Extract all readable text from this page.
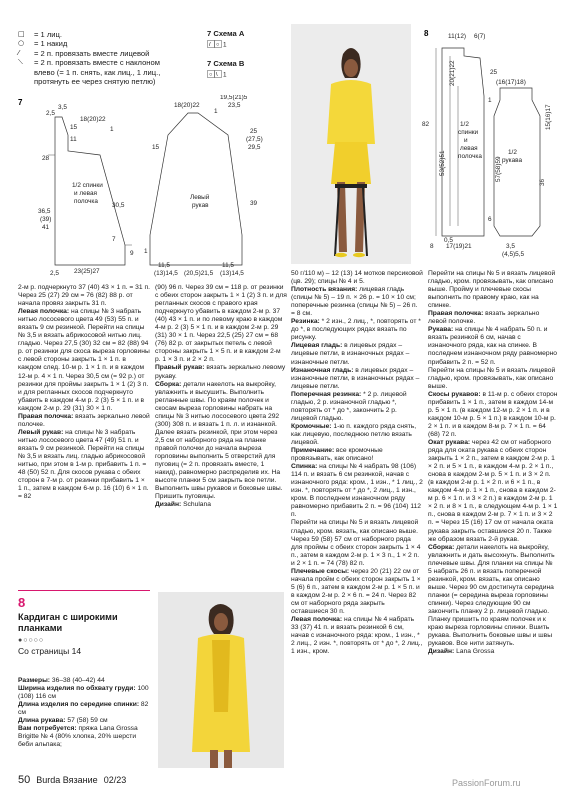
□	= 1 лиц.
○	= 1 накид
⁄	= 2 п. провязать вместе лицевой
⟍	= 2 п. провязать вместе с наклоном
влево (= 1 п. снять, как лиц., 1 лиц.,
протянуть ее через снятую петлю)
7 Схема А
/ ○ 1
7 Схема В
○ \ 1
7
1/2 спинки
и левая
полочка
3,5
2,5
18(20)22
15
11
1
28
36,5
(39)
41
30,5
7
9
2,5 23(25)27
Левый
рукав
18(20)22
15
19,5(21)5
23,5
1
25
(27,5)
29,5
39
1
11,5
(13)14,5 (20,5)21,5
11,5
(13)14,5
8
1/2
спинки
и
левая
полочка
1/2
рукава
11(12) 6(7)
(16(17)18)
82
53(52)51
20(21)22
0,5
57(58)59
25
15(16)17
1
36
6
8 17(19)21	3,5
(4,5)5,5

2-м р. подчеркнуто 37 (40) 43 × 1 п. = 31 п. Через 25 (27) 29 см = 76 (82) 88 р. от начала провяз закрыть 31 п.

Левая полочка: на спицы № 3 набрать нитью лососевого цвета 49 (53) 55 п. и вязать 9 см резинкой. Перейти на спицы № 3,5 и вязать абрикосовой нитью лиц. гладью. Через 27,5 (30) 32 см = 82 (88) 94 р. от резинки для скоса выреза горловины с левой стороны закрыть 1 × 1 п. в каждом след. 10-м р. 1 × 1 п. и в каждом 12-м р. 4 × 1 п. Через 30,5 см (= 92 р.) от резинки для проймы закрыть 1 × 1 (2) 3 п. и для регланных скосов подчеркнуто убавить в каждом 4-м р. 2 (3) 5 × 1 п. и в каждом 2-м р. 29 (31) 30 × 1 п.

Правая полочка: вязать зеркально левой полочке.

Левый рукав: на спицы № 3 набрать нитью лососевого цвета 47 (49) 51 п. и вязать 9 см резинкой. Перейти на спицы № 3,5 и вязать лиц. гладью абрикосовой нитью, при этом в 1-м р. прибавить 1 п. = 48 (50) 52 п. Для скосов рукава с обеих сторон в 7-м р. от резинки прибавить 1 × 1 п., затем в каждом 6-м р. 16 (10) 6 × 1 п. = 82

(90) 96 п. Через 39 см = 118 р. от резинки с обеих сторон закрыть 1 × 1 (2) 3 п. и для регланных скосов с правого края подчеркнуто убавить в каждом 2-м р. 37 (40) 43 × 1 п. и по левому краю в каждом 4-м р. 2 (3) 5 × 1 п. и в каждом 2-м р. 29 (31) 30 × 1 п. Через 22,5 (25) 27 см = 68 (76) 82 р. от закрытых петель с левой стороны закрыть 1 × 5 п. и в каждом 2-м р. 1 × 3 п. и 2 × 2 п.

Правый рукав: вязать зеркально левому рукаву.

Сборка: детали накелоть на выкройку, увлажнить и высушить. Выполнить регланные швы. По краям полочек и скосам выреза горловины набрать на спицы № 3 нитью лососевого цвета 292 (300) 308 п. и вязать 1 п. л. и изнанкой. Далее вязать резинкой, при этом через 2,5 см от наборного ряда на планке правой полочки до начала выреза горловины выполнить 5 отверстий для пуговиц (= 2 п. провязать вместе, 1 накид), равномерно распределив их. На высоте планки 5 см закрыть все петли. Выполнить швы рукавов и боковые швы. Пришить пуговицы.

Дизайн: Schulana

50 г/110 м) – 12 (13) 14 мотков персиковой (цв. 29); спицы № 4 и 5.

Плотность вязания: лицевая гладь (спицы № 5) – 19 п. × 26 р. = 10 × 10 см; поперечные резинка (спицы № 5) – 26 п. = 8 см.

Резинка: * 2 изн., 2 лиц., *, повторять от * до *, в последующих рядах вязать по рисунку.

Лицевая гладь: в лицевых рядах – лицевые петли, в изнаночных рядах – изнаночные петли.

Изнаночная гладь: в лицевых рядах – изнаночные петли, в изнаночных рядах – лицевые петли.

Поперечная резинка: * 2 р. лицевой гладью, 2 р. изнаночной гладью *, повторять от * до *, закончить 2 р. лицевой гладью.

Кромочные: 1-ю п. каждого ряда снять, как лицевую, последнюю петлю вязать лицевой.

Примечание: все кромочные провязывать, как описано!

Спинка: на спицы № 4 набрать 98 (106) 114 п. и вязать 6 см резинкой, начав с изнаночного ряда: кром., 1 изн., * 1 лиц., 2 изн. *, повторять от * до *, 2 лиц., 1 изн., кром. В последнем изнаночном ряду равномерно прибавить 2 п. = 96 (104) 112 п.

Перейти на спицы № 5 и вязать лицевой гладью, кром. вязать, как описано выше. Через 59 (58) 57 см от наборного ряда для проймы с обеих сторон закрыть 1 × 4 п., затем в каждом 2-м р. 1 × 3 п., 1 × 2 п. и 2 × 1 п. = 74 (78) 82 п.

Плечевые скосы: через 20 (21) 22 см от начала пройм с обеих сторон закрыть 1 × 5 (6) 6 п., затем в каждом 2-м р. 1 × 5 п. и в каждом 2-м р. 2 × 6 п. = 24 п. Через 82 см от наборного ряда закрыть оставшиеся 30 п.

Левая полочка: на спицы № 4 набрать 33 (37) 41 п. и вязать резинкой 6 см, начав с изнаночного ряда: кром., 1 изн., * 2 лиц., 2 изн. *, повторять от * до *, 2 лиц., 1 изн., кром.

Перейти на спицы № 5 и вязать лицевой гладью, кром. провязывать, как описано выше. Пройму и плечевые скосы выполнить по правому краю, как на спинке.

Правая полочка: вязать зеркально левой полочке.

Рукава: на спицы № 4 набрать 50 п. и вязать резинкой 6 см, начав с изнаночного ряда, как на спинке. В последнем изнаночном ряду равномерно прибавить 2 п. = 52 п.

Перейти на спицы № 5 и вязать лицевой гладью, кром. провязывать, как описано выше.

Скосы рукавов: в 11-м р. с обеих сторон прибавить 1 × 1 п., затем в каждом 14-м р. 5 × 1 п. (в каждом 12-м р. 2 × 1 п. и в каждом 10-м р. 5 × 1 п.) в каждом 10-м р. 2 × 1 п. и в каждом 8-м р. 7 × 1 п. = 64 (68) 72 п.

Окат рукава: через 42 см от наборного ряда для оката рукава с обеих сторон закрыть 1 × 2 п., затем в каждом 2-м р. 1 × 2 п. и 5 × 1 п., в каждом 4-м р. 2 × 1 п., снова в каждом 2-м р. 5 × 1 п. и 3 × 2 п. (в каждом 2-м р. 1 × 2 п. и 6 × 1 п., в каждом 4-м р. 1 × 1 п., снова в каждом 2-м р. 6 × 1 п. и 3 × 2 п.) в каждом 2-м р. 1 × 2 п. и 8 × 1 п., в следующем 4-м р. 1 × 1 п., снова в каждом 2-м р. 7 × 1 п. и 3 × 2 п. = Через 15 (16) 17 см от начала оката рукава закрыть оставшиеся 20 п. Также же образом вязать 2-й рукав.

Сборка: детали накелоть на выкройку, увлажнить и дать высохнуть. Выполнить плечевые швы. Для планки на спицы № 5 набрать 26 п. и вязать поперечной резинкой, кром. вязать, как описано выше. Через 90 см достигнута середина планки (= середина выреза горловины спинки). Через следующие 90 см закончить планку 2 р. лицевой гладью. Планку пришить по краям полочек и к краю выреза горловины спинки. Вшить рукава. Выполнить боковые швы и швы рукавов. Все нити затянуть.

Дизайн: Lana Grossa

8
Кардиган с широкими планками
●○○○○
Со страницы 14

Размеры: 36–38 (40–42) 44

Ширина изделия по обхвату груди: 100 (108) 116 см

Длина изделия по середине спинки: 82 см

Длина рукава: 57 (58) 59 см

Вам потребуется: пряжа Lana Grossa Brigitte № 4 (80% хлопка, 20% шерсти беби альпака;

50 Burda Вязание 02/23	PassionForum.ru
